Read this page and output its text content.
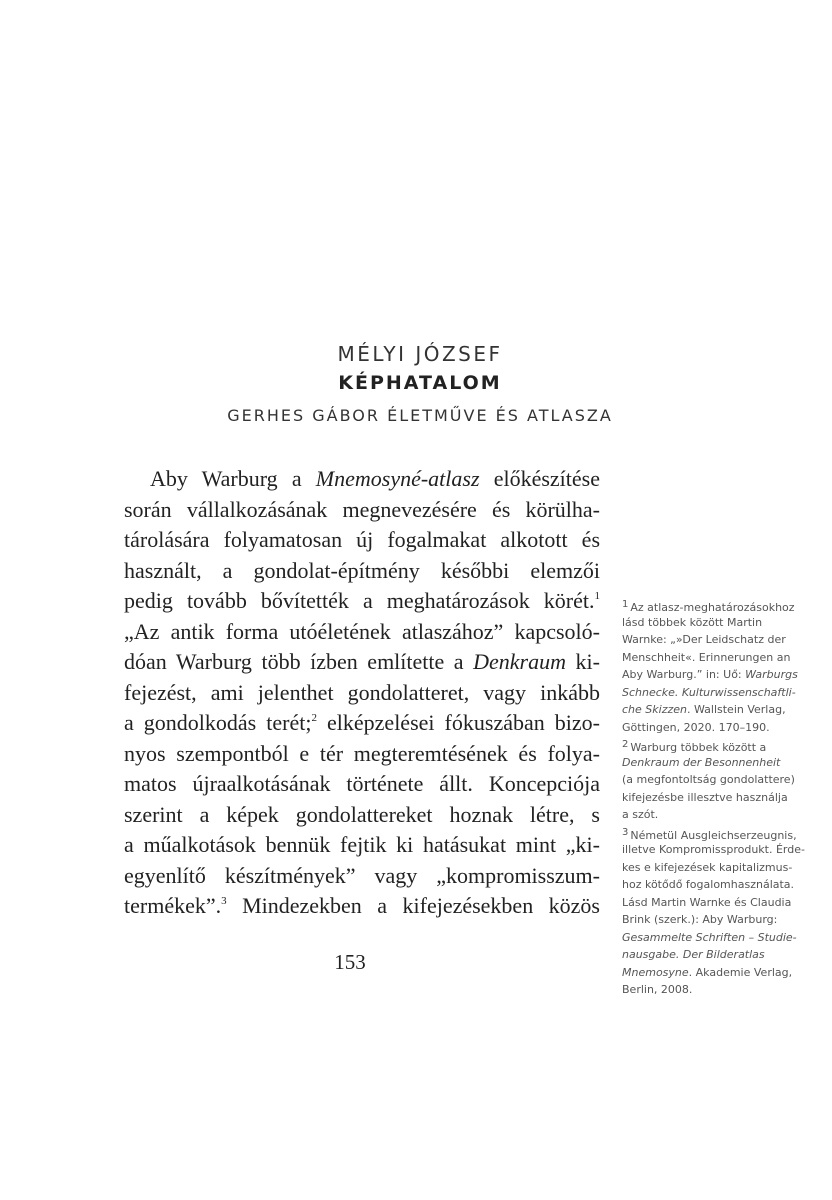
MÉLYI JÓZSEF
KÉPHATALOM
GERHES GÁBOR ÉLETMŰVE ÉS ATLASZA
Aby Warburg a Mnemosyné-atlasz előkészítése
során vállalkozásának megnevezésére és körülha-
tárolására folyamatosan új fogalmakat alkotott és
használt, a gondolat-építmény későbbi elemzői
pedig tovább bővítették a meghatározások körét.$^1$
„Az antik forma utóéletének atlaszához” kapcsoló-
dóan Warburg több ízben említette a Denkraum ki-
fejezést, ami jelenthet gondolatteret, vagy inkább
a gondolkodás terét;$^2$ elképzelései fókuszában bizo-
nyos szempontból e tér megteremtésének és folya-
matos újraalkotásának története állt. Koncepciója
szerint a képek gondolattereket hoznak létre, s
a műalkotások bennük fejtik ki hatásukat mint „ki-
egyenlítő készítmények” vagy „kompromisszum-
termékek”.$^3$ Mindezekben a kifejezésekben közös
153
1 Az atlasz-meghatározásokhoz
lásd többek között Martin
Warnke: „»Der Leidschatz der
Menschheit«. Erinnerungen an
Aby Warburg.” in: Uő: Warburgs
Schnecke. Kulturwissenschaftli-
che Skizzen. Wallstein Verlag,
Göttingen, 2020. 170–190.
2 Warburg többek között a
Denkraum der Besonnenheit
(a megfontoltság gondolattere)
kifejezésbe illesztve használja
a szót.
3 Németül Ausgleichserzeugnis,
illetve Kompromissprodukt. Érde-
kes e kifejezések kapitalizmus-
hoz kötődő fogalomhasználata.
Lásd Martin Warnke és Claudia
Brink (szerk.): Aby Warburg:
Gesammelte Schriften – Studie-
nausgabe. Der Bilderatlas
Mnemosyne. Akademie Verlag,
Berlin, 2008.
